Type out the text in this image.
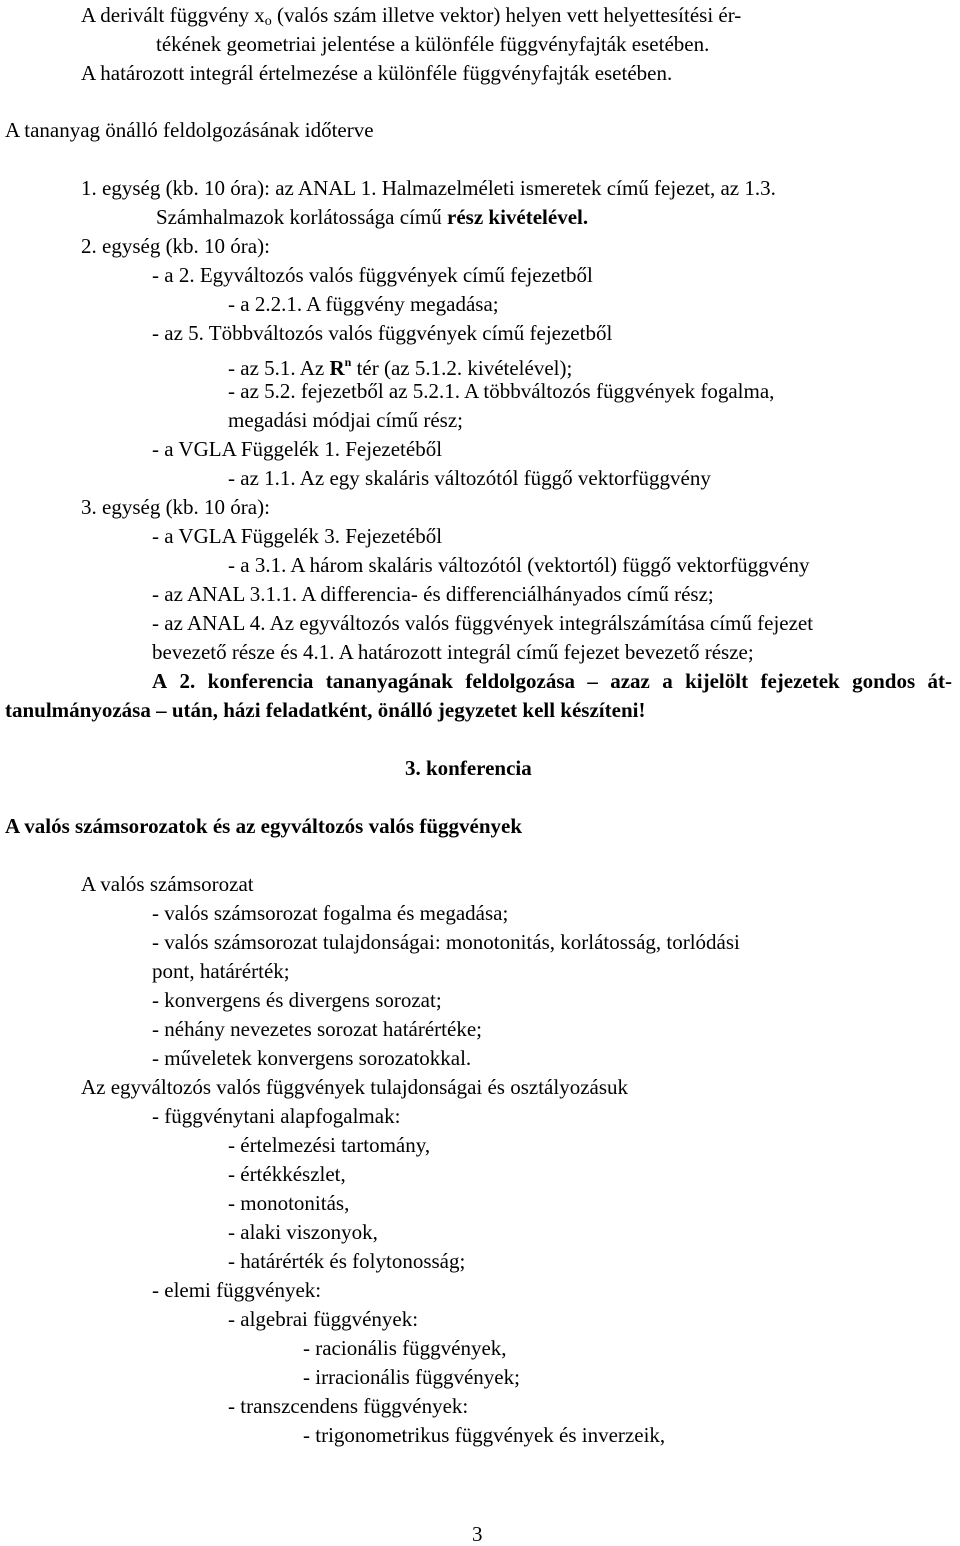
A derivált függvény $x_o$ (valós szám illetve vektor) helyen vett helyettesítési ér-
tékének geometriai jelentése a különféle függvényfajták esetében.
A határozott integrál értelmezése a különféle függvényfajták esetében.
A tananyag önálló feldolgozásának időterve
1. egység (kb. 10 óra): az ANAL 1. Halmazelméleti ismeretek című fejezet, az 1.3.
Számhalmazok korlátossága című rész kivételével.
2. egység (kb. 10 óra):
- a 2. Egyváltozós valós függvények című fejezetből
- a 2.2.1. A függvény megadása;
- az 5. Többváltozós valós függvények című fejezetből
- az 5.1. Az $R^n$ tér (az 5.1.2. kivételével);
- az 5.2. fejezetből az 5.2.1. A többváltozós függvények fogalma,
megadási módjai című rész;
- a VGLA Függelék 1. Fejezetéből
- az 1.1. Az egy skaláris változótól függő vektorfüggvény
3. egység (kb. 10 óra):
- a VGLA Függelék 3. Fejezetéből
- a 3.1. A három skaláris változótól (vektortól) függő vektorfüggvény
- az ANAL 3.1.1. A differencia- és differenciálhányados című rész;
- az ANAL 4. Az egyváltozós valós függvények integrálszámítása című fejezet
bevezető része és 4.1. A határozott integrál című fejezet bevezető része;
A 2. konferencia tananyagának feldolgozása – azaz a kijelölt fejezetek gondos át-
tanulmányozása – után, házi feladatként, önálló jegyzetet kell készíteni!
3. konferencia
A valós számsorozatok és az egyváltozós valós függvények
A valós számsorozat
- valós számsorozat fogalma és megadása;
- valós számsorozat tulajdonságai: monotonitás, korlátosság, torlódási
pont, határérték;
- konvergens és divergens sorozat;
- néhány nevezetes sorozat határértéke;
- műveletek konvergens sorozatokkal.
Az egyváltozós valós függvények tulajdonságai és osztályozásuk
- függvénytani alapfogalmak:
- értelmezési tartomány,
- értékkészlet,
- monotonitás,
- alaki viszonyok,
- határérték és folytonosság;
- elemi függvények:
- algebrai függvények:
- racionális függvények,
- irracionális függvények;
- transzcendens függvények:
- trigonometrikus függvények és inverzeik,
3
